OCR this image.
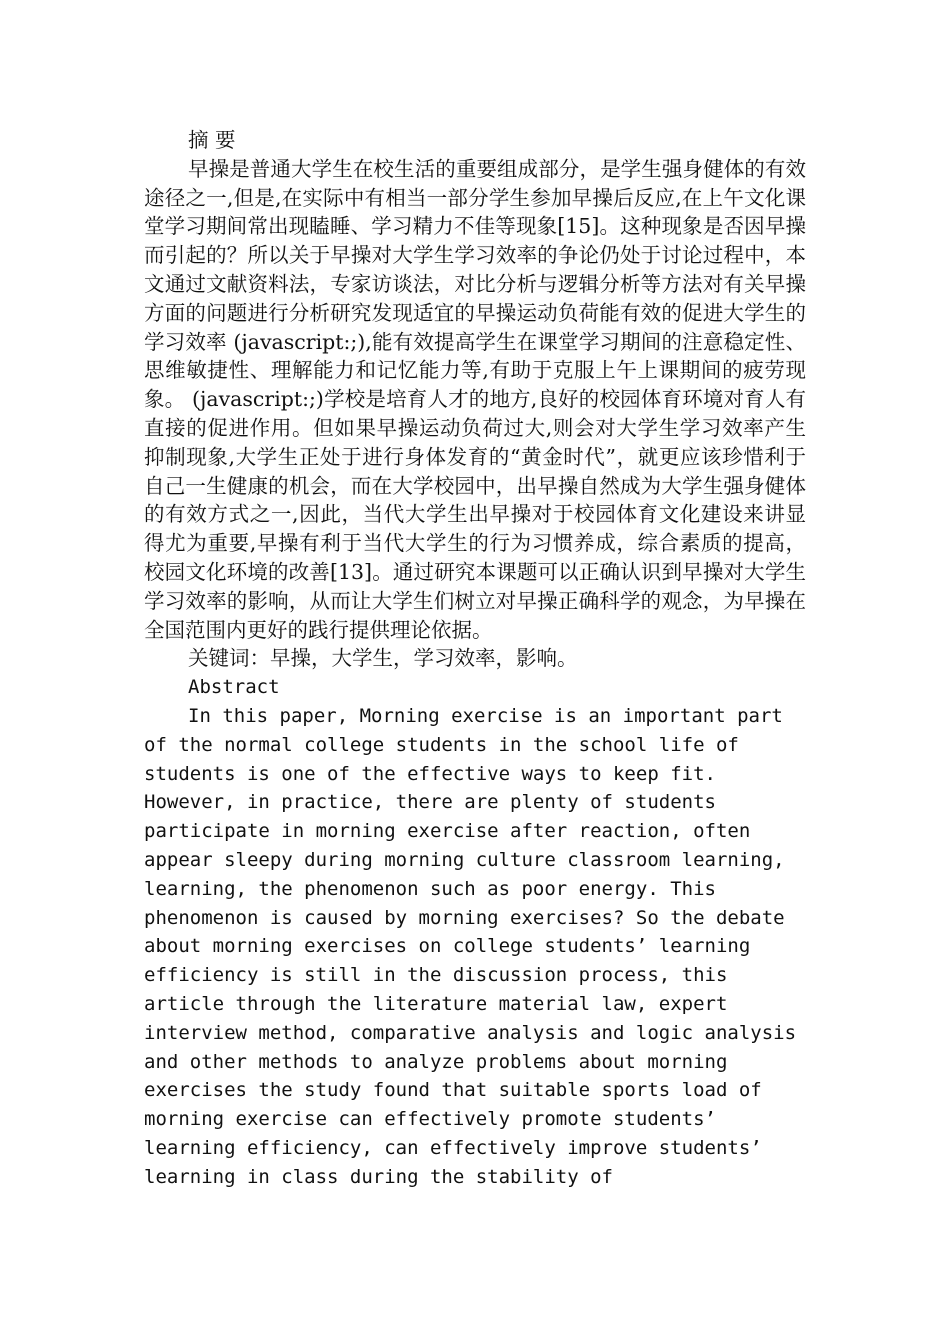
摘 要

早操是普通大学生在校生活的重要组成部分，是学生强身健体的有效途径之一,但是,在实际中有相当一部分学生参加早操后反应,在上午文化课堂学习期间常出现瞌睡、学习精力不佳等现象[15]。这种现象是否因早操而引起的？所以关于早操对大学生学习效率的争论仍处于讨论过程中，本文通过文献资料法，专家访谈法，对比分析与逻辑分析等方法对有关早操方面的问题进行分析研究发现适宜的早操运动负荷能有效的促进大学生的学习效率 (javascript:;),能有效提高学生在课堂学习期间的注意稳定性、思维敏捷性、理解能力和记忆能力等,有助于克服上午上课期间的疲劳现象。 (javascript:;)学校是培育人才的地方,良好的校园体育环境对育人有直接的促进作用。但如果早操运动负荷过大,则会对大学生学习效率产生抑制现象,大学生正处于进行身体发育的“黄金时代”，就更应该珍惜利于自己一生健康的机会，而在大学校园中，出早操自然成为大学生强身健体的有效方式之一,因此，当代大学生出早操对于校园体育文化建设来讲显得尤为重要,早操有利于当代大学生的行为习惯养成，综合素质的提高，校园文化环境的改善[13]。通过研究本课题可以正确认识到早操对大学生学习效率的影响，从而让大学生们树立对早操正确科学的观念，为早操在全国范围内更好的践行提供理论依据。

关键词：早操，大学生，学习效率，影响。

Abstract

In this paper, Morning exercise is an important part of the normal college students in the school life of students is one of the effective ways to keep fit. However, in practice, there are plenty of students participate in morning exercise after reaction, often appear sleepy during morning culture classroom learning, learning, the phenomenon such as poor energy. This phenomenon is caused by morning exercises? So the debate about morning exercises on college students’ learning efficiency is still in the discussion process, this article through the literature material law, expert interview method, comparative analysis and logic analysis and other methods to analyze problems about morning exercises the study found that suitable sports load of morning exercise can effectively promote students’ learning efficiency, can effectively improve students’ learning in class during the stability of
